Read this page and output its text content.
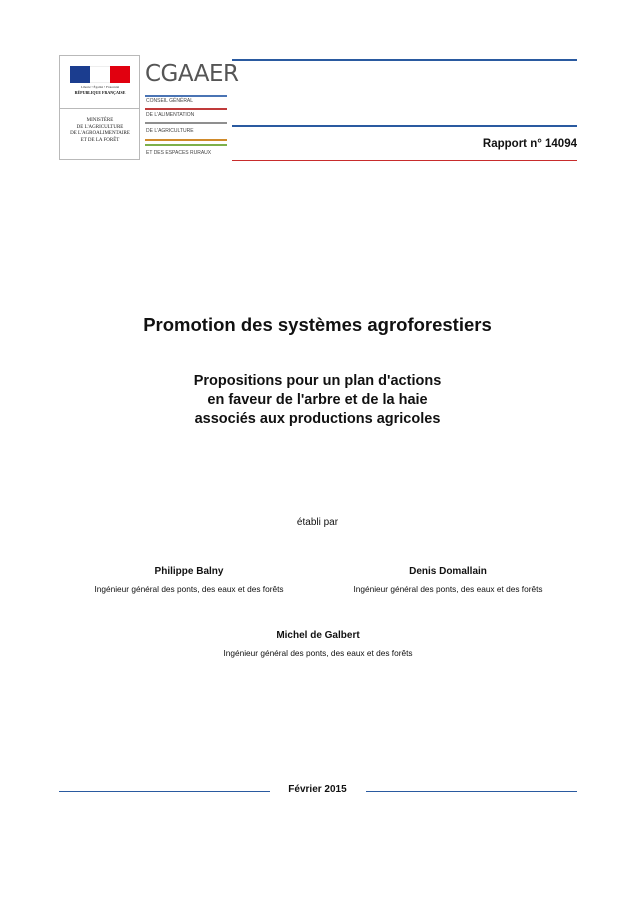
Liberté • Égalité • Fraternité
RÉPUBLIQUE FRANÇAISE
MINISTÈRE
DE L'AGRICULTURE
DE L'AGROALIMENTAIRE
ET DE LA FORÊT
CGAAER
CONSEIL GÉNÉRAL
DE L'ALIMENTATION
DE L'AGRICULTURE
ET DES ESPACES RURAUX
Rapport n° 14094
Promotion des systèmes agroforestiers
Propositions pour un plan d'actions
en faveur de l'arbre et de la haie
associés aux productions agricoles
établi par
Philippe Balny
Ingénieur général des ponts, des eaux et des forêts
Denis Domallain
Ingénieur général des ponts, des eaux et des forêts
Michel de Galbert
Ingénieur général des ponts, des eaux et des forêts
Février 2015
